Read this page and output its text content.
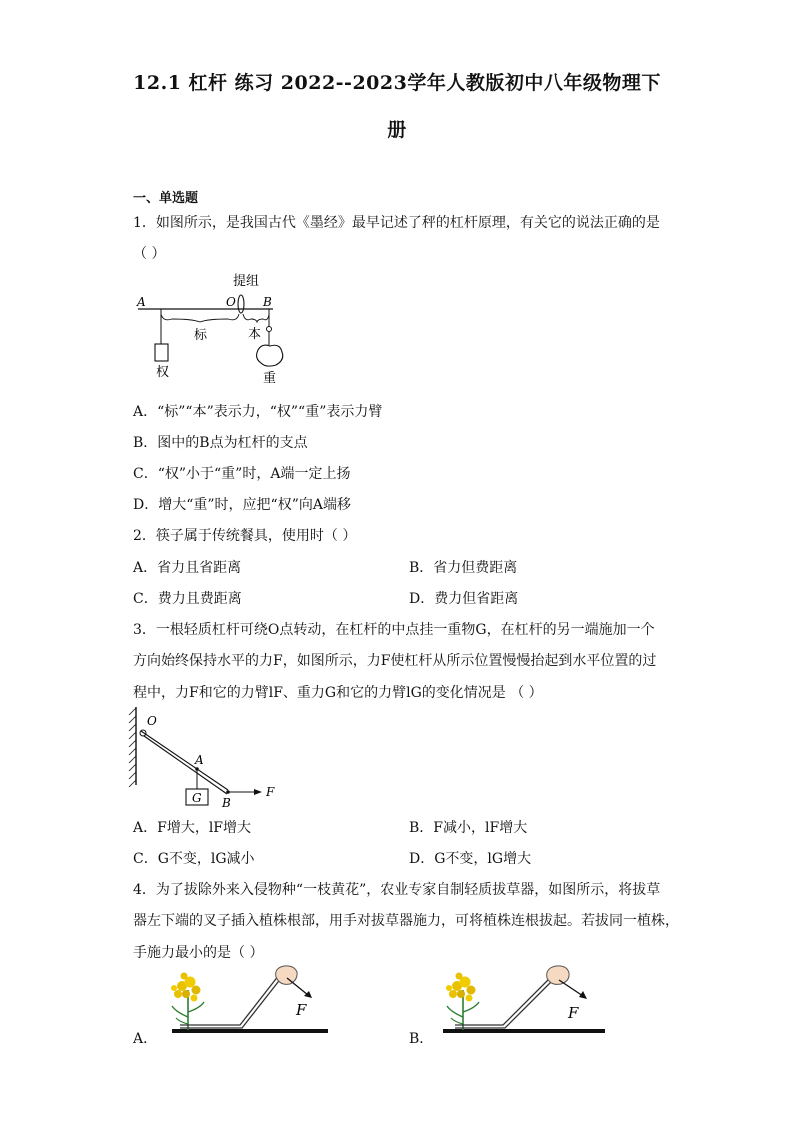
12.1 杠杆 练习 2022--2023学年人教版初中八年级物理下
册
一、单选题
1．如图所示，是我国古代《墨经》最早记述了秤的杠杆原理，有关它的说法正确的是
（ ）
提组
A	O B
权
标	本
重
A．“标”“本”表示力，“权”“重”表示力臂
B．图中的B点为杠杆的支点
C．“权”小于“重”时，A端一定上扬
D．增大“重”时，应把“权”向A端移
2．筷子属于传统餐具，使用时（ ）
A．省力且省距离	B．省力但费距离
C．费力且费距离	D．费力但省距离
3．一根轻质杠杆可绕O点转动，在杠杆的中点挂一重物G，在杠杆的另一端施加一个
方向始终保持水平的力F，如图所示，力F使杠杆从所示位置慢慢抬起到水平位置的过
程中，力F和它的力臂lF、重力G和它的力臂lG的变化情况是 （ ）
O
A
G B
F
A．F增大，lF增大	B．F减小，lF增大
C．G不变，lG减小	D．G不变，lG增大
4．为了拔除外来入侵物种“一枝黄花”，农业专家自制轻质拔草器，如图所示，将拔草
器左下端的叉子插入植株根部，用手对拔草器施力，可将植株连根拔起。若拔同一植株，
手施力最小的是（ ）
F
A．
F
B．
